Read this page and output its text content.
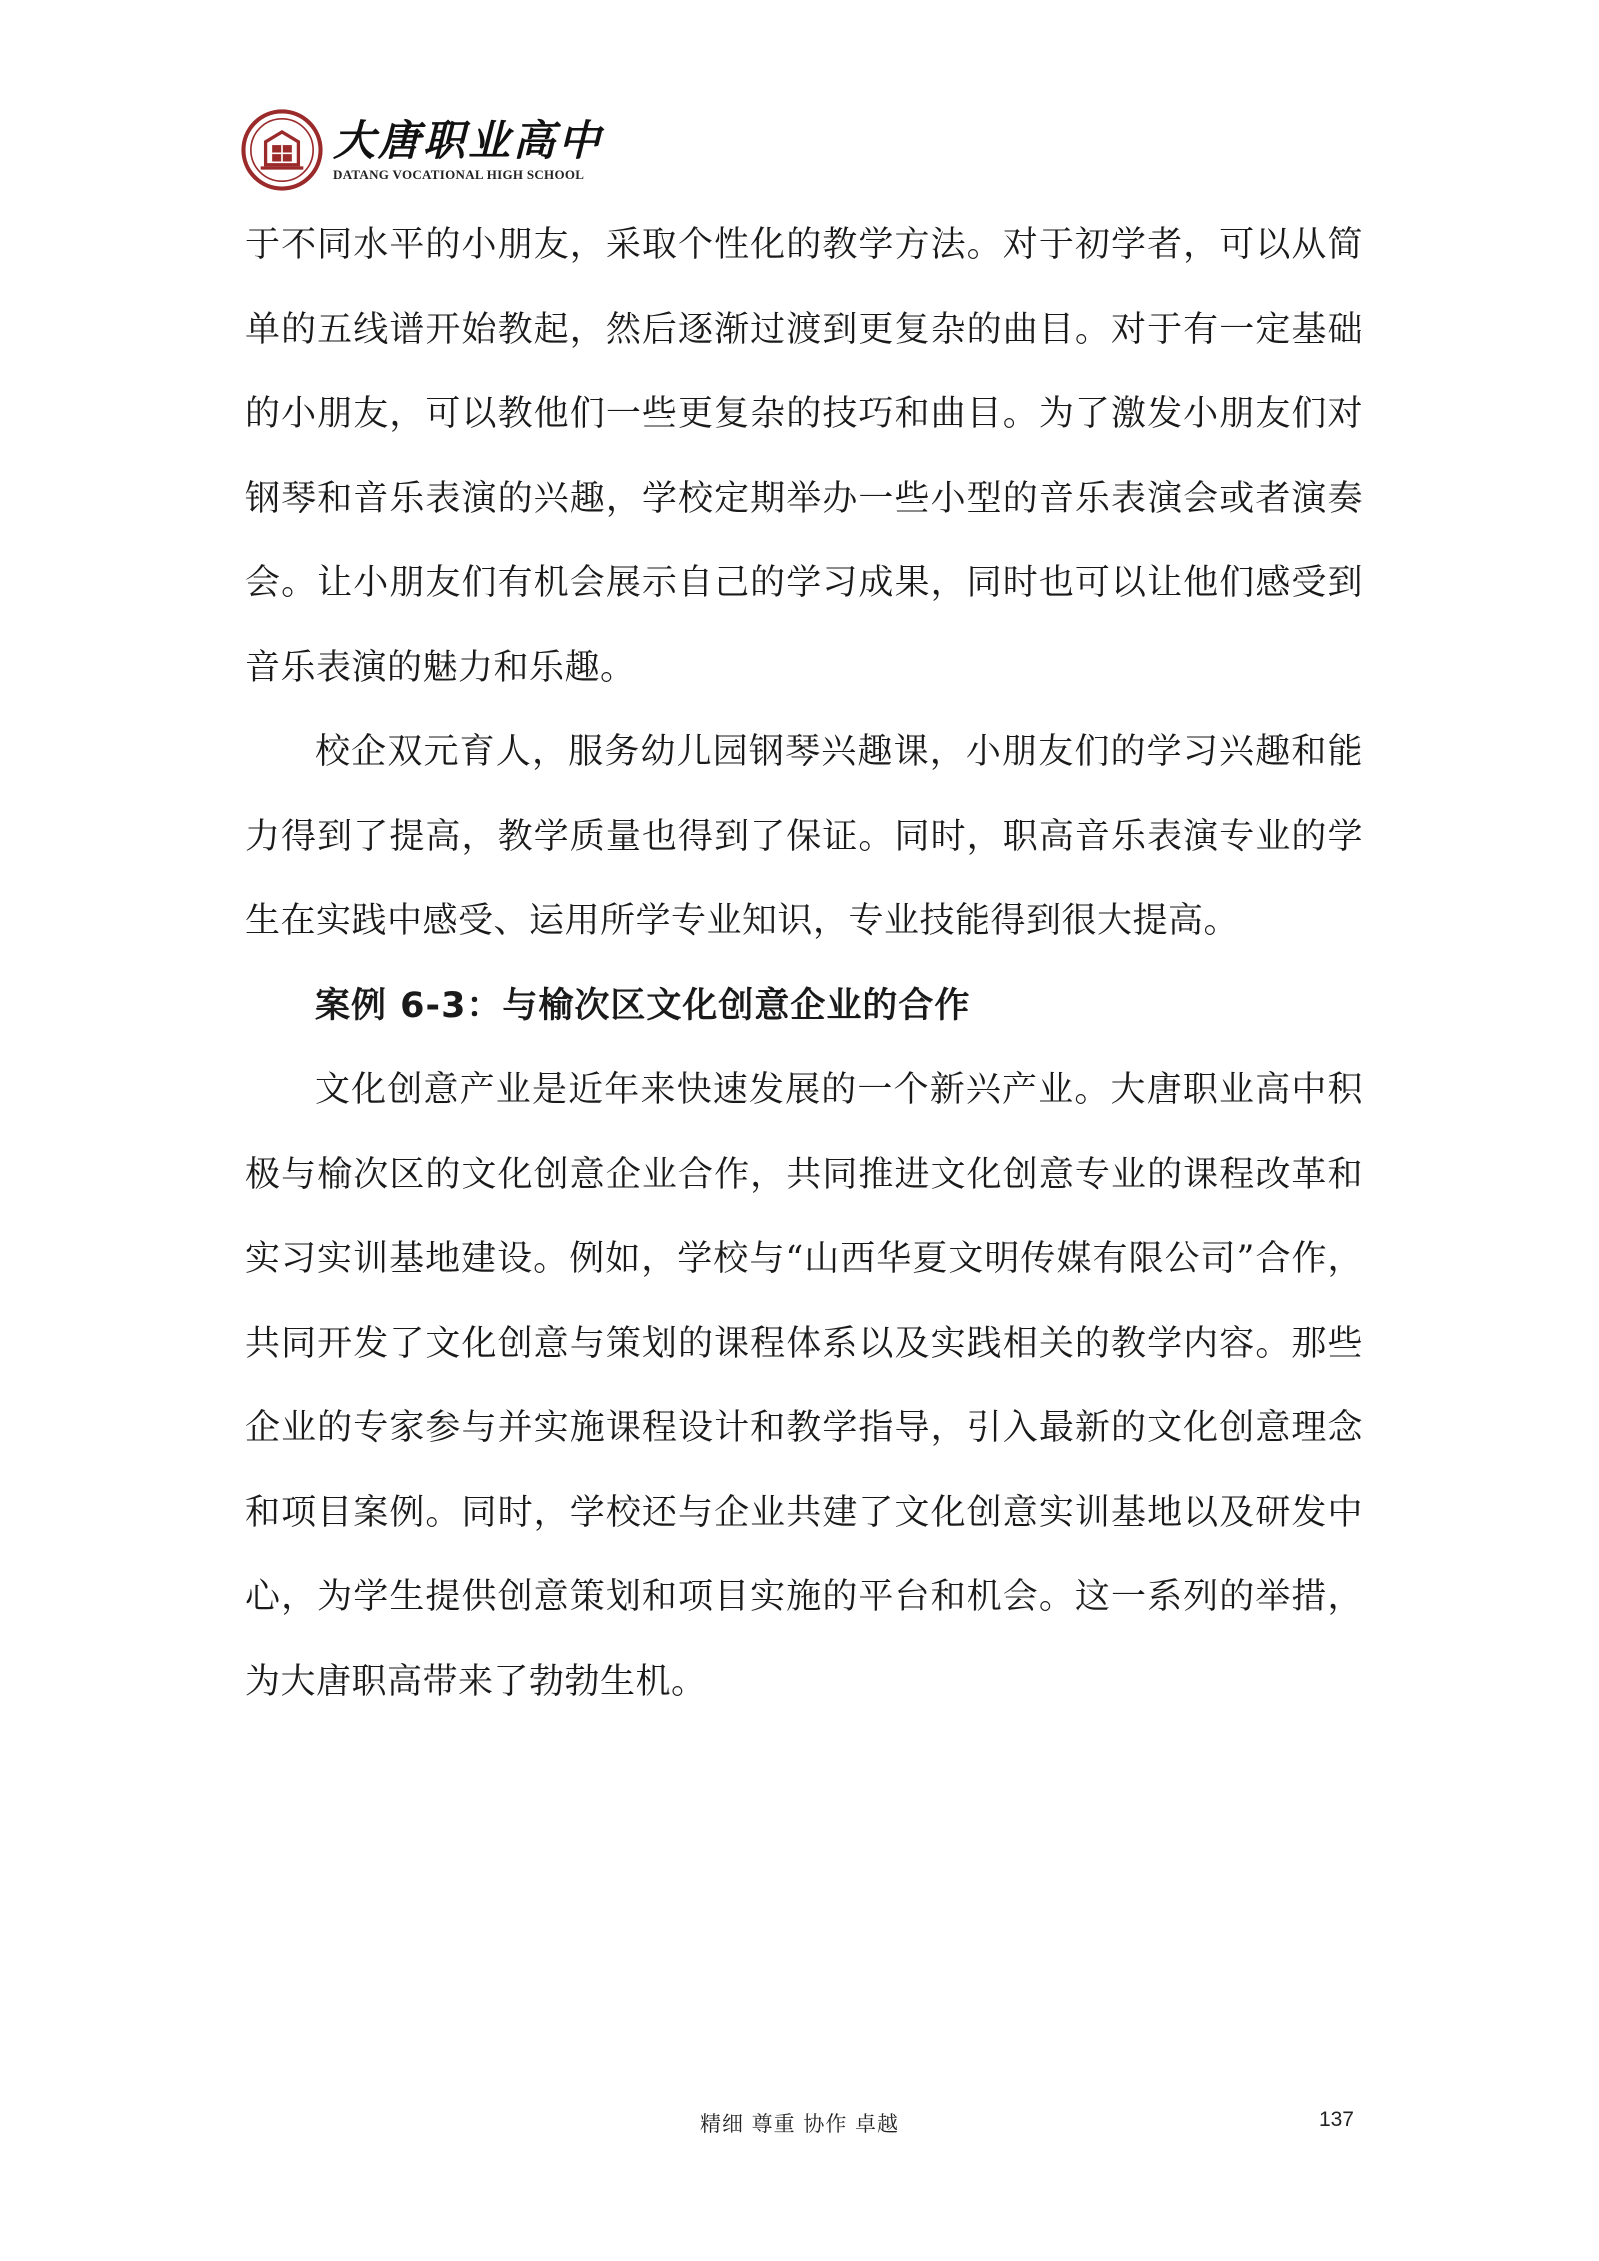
大唐职业高中
DATANG VOCATIONAL HIGH SCHOOL

于不同水平的小朋友，采取个性化的教学方法。对于初学者，可以从简单的五线谱开始教起，然后逐渐过渡到更复杂的曲目。对于有一定基础的小朋友，可以教他们一些更复杂的技巧和曲目。为了激发小朋友们对钢琴和音乐表演的兴趣，学校定期举办一些小型的音乐表演会或者演奏会。让小朋友们有机会展示自己的学习成果，同时也可以让他们感受到音乐表演的魅力和乐趣。

校企双元育人，服务幼儿园钢琴兴趣课，小朋友们的学习兴趣和能力得到了提高，教学质量也得到了保证。同时，职高音乐表演专业的学生在实践中感受、运用所学专业知识，专业技能得到很大提高。

案例 6-3：与榆次区文化创意企业的合作

文化创意产业是近年来快速发展的一个新兴产业。大唐职业高中积极与榆次区的文化创意企业合作，共同推进文化创意专业的课程改革和实习实训基地建设。例如，学校与“山西华夏文明传媒有限公司”合作，共同开发了文化创意与策划的课程体系以及实践相关的教学内容。那些企业的专家参与并实施课程设计和教学指导，引入最新的文化创意理念和项目案例。同时，学校还与企业共建了文化创意实训基地以及研发中心，为学生提供创意策划和项目实施的平台和机会。这一系列的举措，为大唐职高带来了勃勃生机。

精细 尊重 协作 卓越	137
